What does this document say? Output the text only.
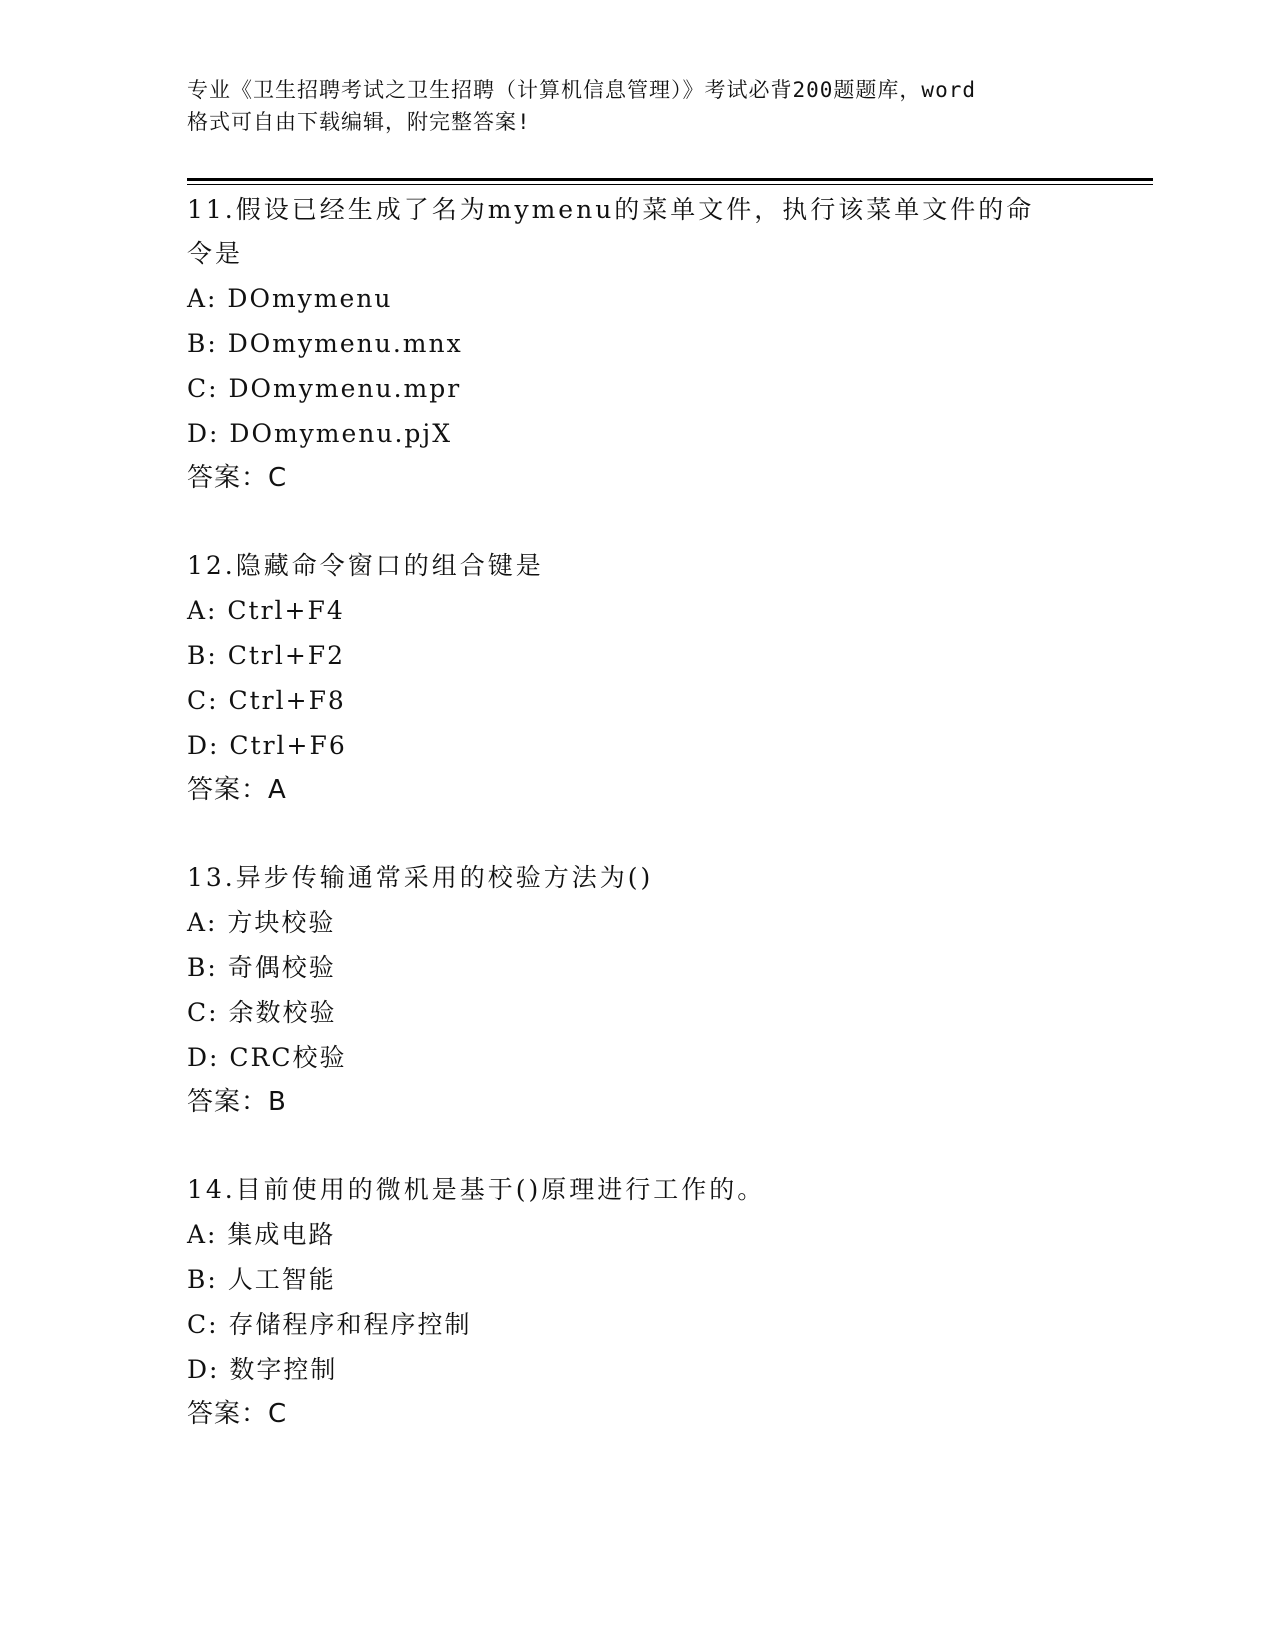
专业《卫生招聘考试之卫生招聘（计算机信息管理）》考试必背200题题库，word
格式可自由下载编辑，附完整答案!
11.假设已经生成了名为mymenu的菜单文件，执行该菜单文件的命令是
A: DOmymenu
B: DOmymenu.mnx
C: DOmymenu.mpr
D: DOmymenu.pjX
答案：C
12.隐藏命令窗口的组合键是
A: Ctrl+F4
B: Ctrl+F2
C: Ctrl+F8
D: Ctrl+F6
答案：A
13.异步传输通常采用的校验方法为()
A: 方块校验
B: 奇偶校验
C: 余数校验
D: CRC校验
答案：B
14.目前使用的微机是基于()原理进行工作的。
A: 集成电路
B: 人工智能
C: 存储程序和程序控制
D: 数字控制
答案：C
